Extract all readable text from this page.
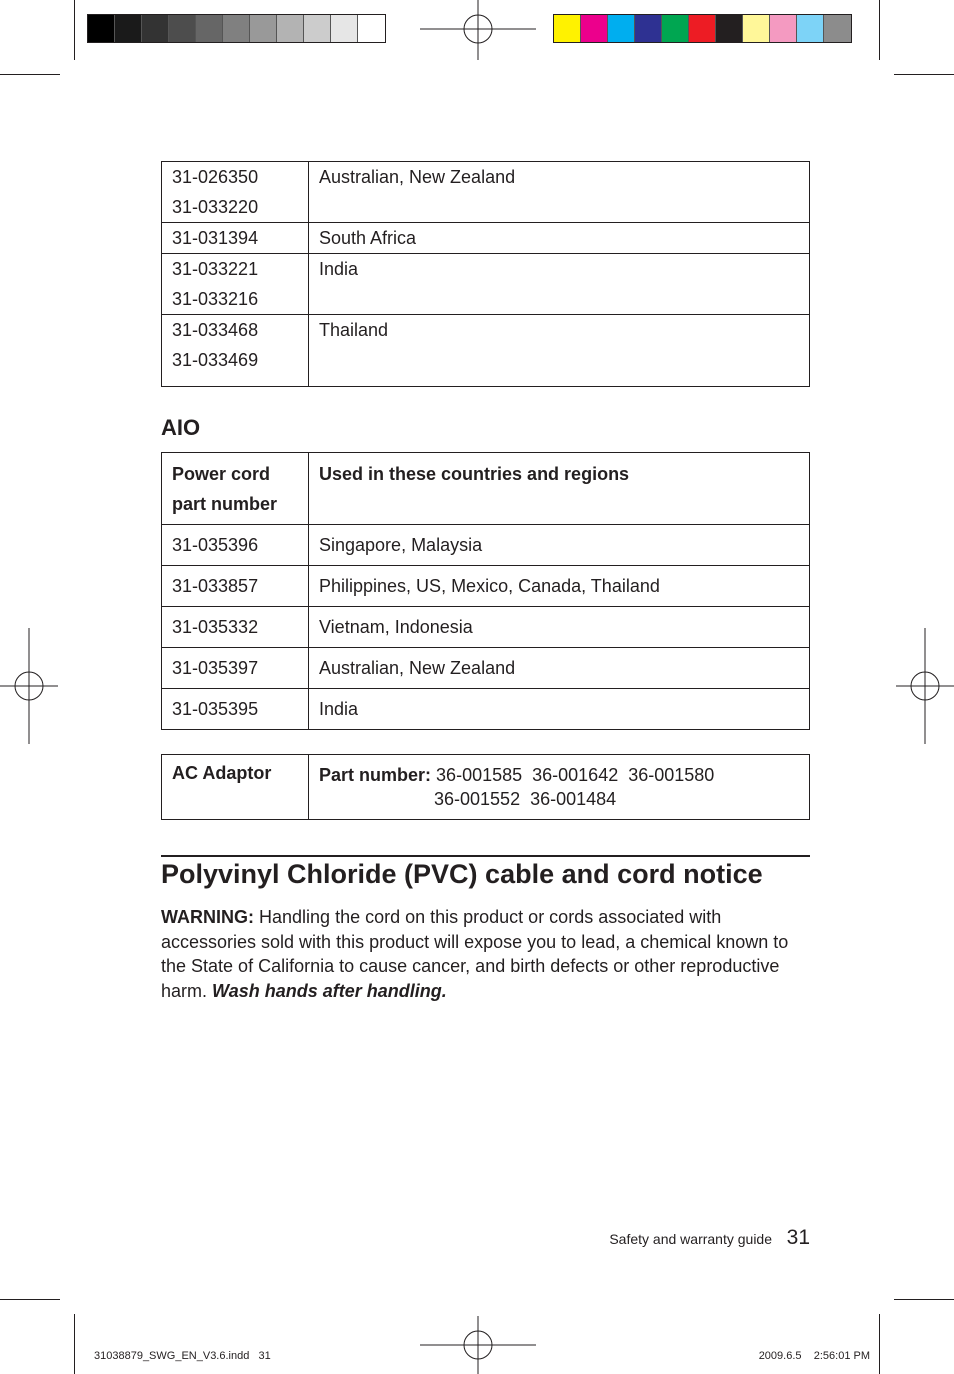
31-026350
31-033220	Australian, New Zealand

31-031394	South Africa

31-033221
31-033216	India

31-033468
31-033469	Thailand
AIO
Power cord
part number	Used in these countries and regions

31-035396	Singapore, Malaysia
31-033857	Philippines, US, Mexico, Canada, Thailand
31-035332	Vietnam, Indonesia
31-035397	Australian, New Zealand
31-035395	India
AC Adaptor	Part number: 36-001585  36-001642  36-001580
36-001552  36-001484
Polyvinyl Chloride (PVC) cable and cord notice

WARNING: Handling the cord on this product or cords associated with accessories sold with this product will expose you to lead, a chemical known to the State of California to cause cancer, and birth defects or other reproductive harm. Wash hands after handling.

Safety and warranty guide 31
31038879_SWG_EN_V3.6.indd   31	2009.6.5    2:56:01 PM
